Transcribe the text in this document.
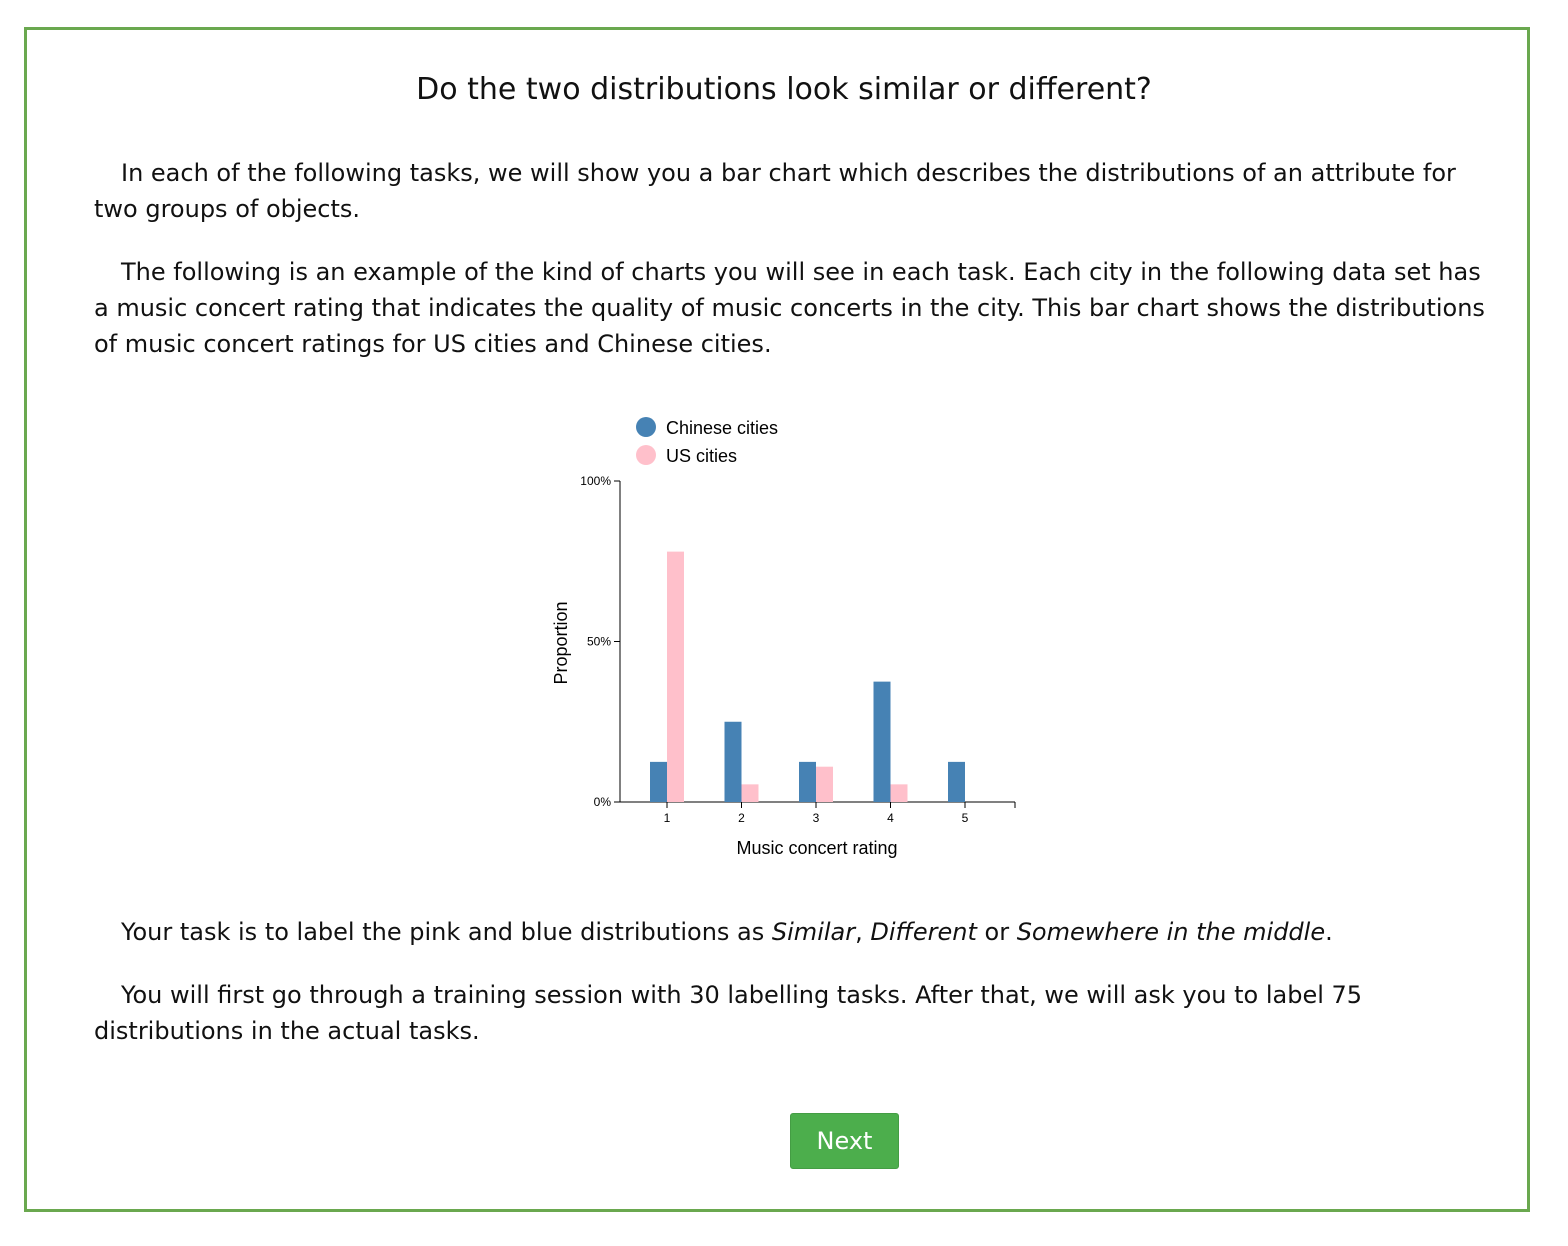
Do the two distributions look similar or different?

In each of the following tasks, we will show you a bar chart which describes the distributions of an attribute for two groups of objects.

The following is an example of the kind of charts you will see in each task. Each city in the following data set has a music concert rating that indicates the quality of music concerts in the city. This bar chart shows the distributions of music concert ratings for US cities and Chinese cities.

Chinese cities
US cities
0%
50%
100%
1	2	3	4	5
Proportion
Music concert rating

Your task is to label the pink and blue distributions as Similar, Different or Somewhere in the middle.

You will first go through a training session with 30 labelling tasks. After that, we will ask you to label 75 distributions in the actual tasks.

Next
